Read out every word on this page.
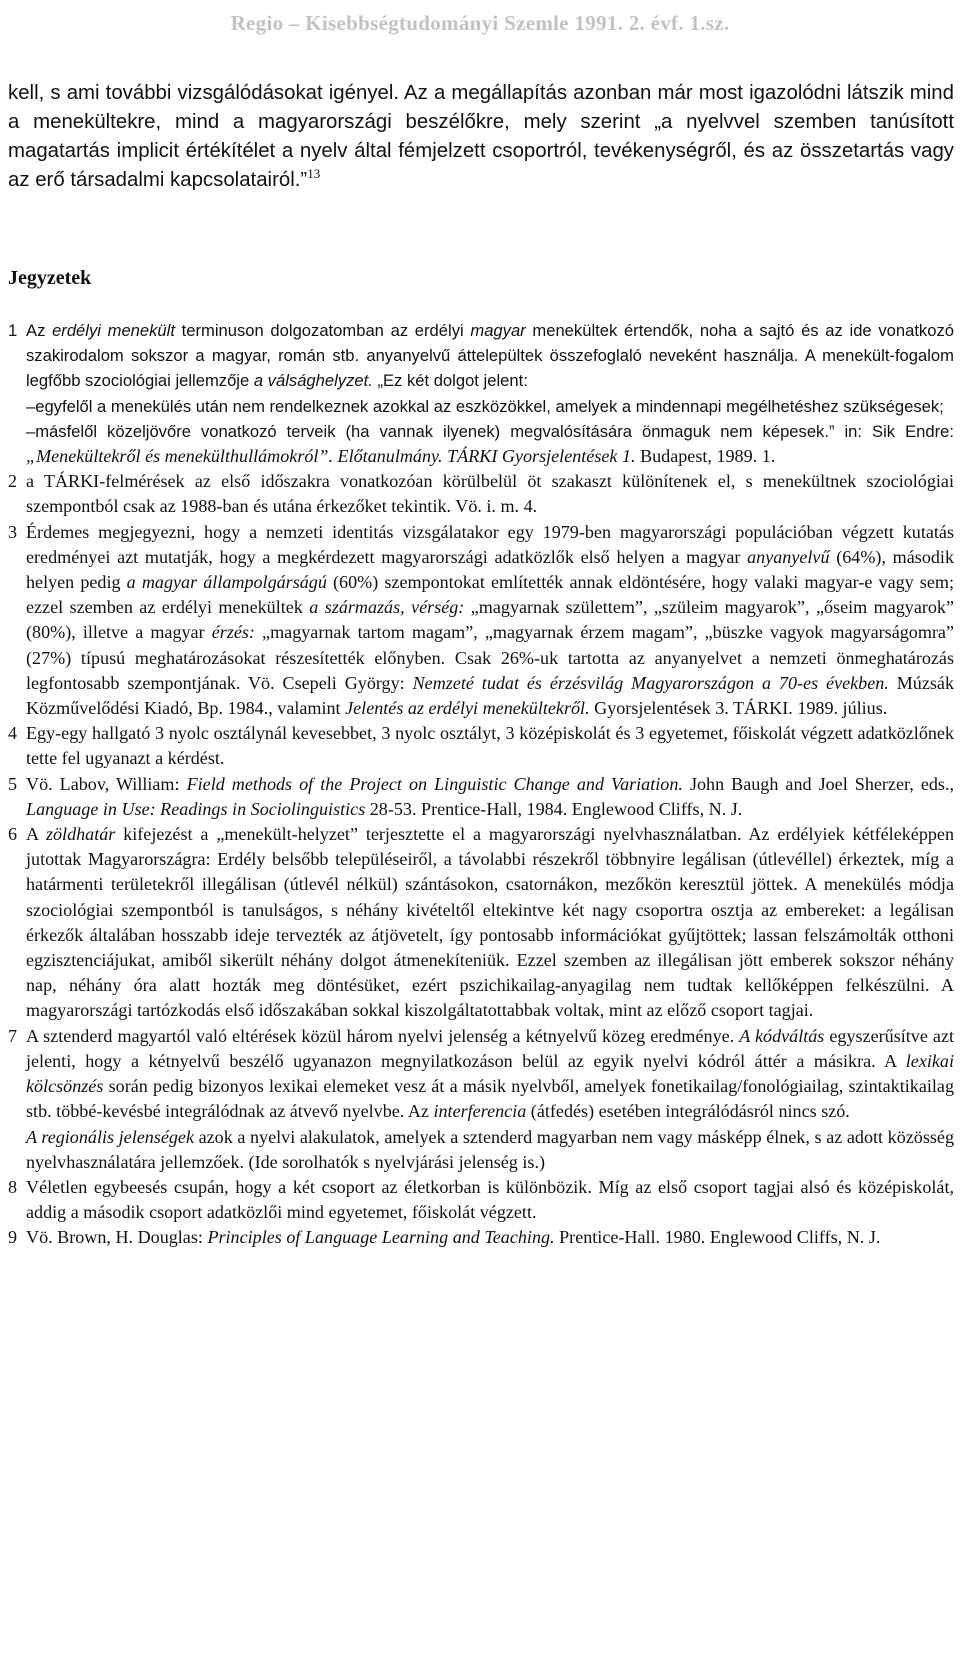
Regio – Kisebbségtudományi Szemle 1991. 2. évf. 1.sz.

kell, s ami további vizsgálódásokat igényel. Az a megállapítás azonban már most igazolódni látszik mind a menekültekre, mind a magyarországi beszélőkre, mely szerint „a nyelvvel szemben tanúsított magatartás implicit értékítélet a nyelv által fémjelzett csoportról, tevékenységről, és az összetartás vagy az erő társadalmi kapcsolatairól.”$^{13}$

Jegyzetek
1 Az erdélyi menekült terminuson dolgozatomban az erdélyi magyar menekültek értendők, noha a sajtó és az ide vonatkozó szakirodalom sokszor a magyar, román stb. anyanyelvű áttelepültek összefoglaló neveként használja. A menekült-fogalom legfőbb szociológiai jellemzője a válsághelyzet. „Ez két dolgot jelent:
–egyfelől a menekülés után nem rendelkeznek azokkal az eszközökkel, amelyek a mindennapi megélhetéshez szükségesek;
–másfelől közeljövőre vonatkozó terveik (ha vannak ilyenek) megvalósítására önmaguk nem képesek.” in: Sik Endre: „Menekültekről és menekülthullámokról”. Előtanulmány. TÁRKI Gyorsjelentések 1. Budapest, 1989. 1.
2 a TÁRKI-felmérések az első időszakra vonatkozóan körülbelül öt szakaszt különítenek el, s menekültnek szociológiai szempontból csak az 1988-ban és utána érkezőket tekintik. Vö. i. m. 4.
3 Érdemes megjegyezni, hogy a nemzeti identitás vizsgálatakor egy 1979-ben magyarországi populációban végzett kutatás eredményei azt mutatják, hogy a megkérdezett magyarországi adatközlők első helyen a magyar anyanyelvű (64%), második helyen pedig a magyar állampolgárságú (60%) szempontokat említették annak eldöntésére, hogy valaki magyar-e vagy sem; ezzel szemben az erdélyi menekültek a származás, vérség: „magyarnak születtem”, „szüleim magyarok”, „őseim magyarok” (80%), illetve a magyar érzés: „magyarnak tartom magam”, „magyarnak érzem magam”, „büszke vagyok magyarságomra” (27%) típusú meghatározásokat részesítették előnyben. Csak 26%-uk tartotta az anyanyelvet a nemzeti önmeghatározás legfontosabb szempontjának. Vö. Csepeli György: Nemzeté tudat és érzésvilág Magyarországon a 70-es években. Múzsák Közművelődési Kiadó, Bp. 1984., valamint Jelentés az erdélyi menekültekről. Gyorsjelentések 3. TÁRKI. 1989. július.
4 Egy-egy hallgató 3 nyolc osztálynál kevesebbet, 3 nyolc osztályt, 3 középiskolát és 3 egyetemet, főiskolát végzett adatközlőnek tette fel ugyanazt a kérdést.
5 Vö. Labov, William: Field methods of the Project on Linguistic Change and Variation. John Baugh and Joel Sherzer, eds., Language in Use: Readings in Sociolinguistics 28-53. Prentice-Hall, 1984. Englewood Cliffs, N. J.
6 A zöldhatár kifejezést a „menekült-helyzet” terjesztette el a magyarországi nyelvhasználatban. Az erdélyiek kétféleképpen jutottak Magyarországra: Erdély belsőbb településeiről, a távolabbi részekről többnyire legálisan (útlevéllel) érkeztek, míg a határmenti területekről illegálisan (útlevél nélkül) szántásokon, csatornákon, mezőkön keresztül jöttek. A menekülés módja szociológiai szempontból is tanulságos, s néhány kivételtől eltekintve két nagy csoportra osztja az embereket: a legálisan érkezők általában hosszabb ideje tervezték az átjövetelt, így pontosabb információkat gyűjtöttek; lassan felszámolták otthoni egzisztenciájukat, amiből sikerült néhány dolgot átmenekíteniük. Ezzel szemben az illegálisan jött emberek sokszor néhány nap, néhány óra alatt hozták meg döntésüket, ezért pszichikailag-anyagilag nem tudtak kellőképpen felkészülni. A magyarországi tartózkodás első időszakában sokkal kiszolgáltatottabbak voltak, mint az előző csoport tagjai.
7 A sztenderd magyartól való eltérések közül három nyelvi jelenség a kétnyelvű közeg eredménye. A kódváltás egyszerűsítve azt jelenti, hogy a kétnyelvű beszélő ugyanazon megnyilatkozáson belül az egyik nyelvi kódról áttér a másikra. A lexikai kölcsönzés során pedig bizonyos lexikai elemeket vesz át a másik nyelvből, amelyek fonetikailag/fonológiailag, szintaktikailag stb. többé-kevésbé integrálódnak az átvevő nyelvbe. Az interferencia (átfedés) esetében integrálódásról nincs szó.
A regionális jelenségek azok a nyelvi alakulatok, amelyek a sztenderd magyarban nem vagy másképp élnek, s az adott közösség nyelvhasználatára jellemzőek. (Ide sorolhatók s nyelvjárási jelenség is.)
8 Véletlen egybeesés csupán, hogy a két csoport az életkorban is különbözik. Míg az első csoport tagjai alsó és középiskolát, addig a második csoport adatközlői mind egyetemet, főiskolát végzett.
9 Vö. Brown, H. Douglas: Principles of Language Learning and Teaching. Prentice-Hall. 1980. Englewood Cliffs, N. J.
